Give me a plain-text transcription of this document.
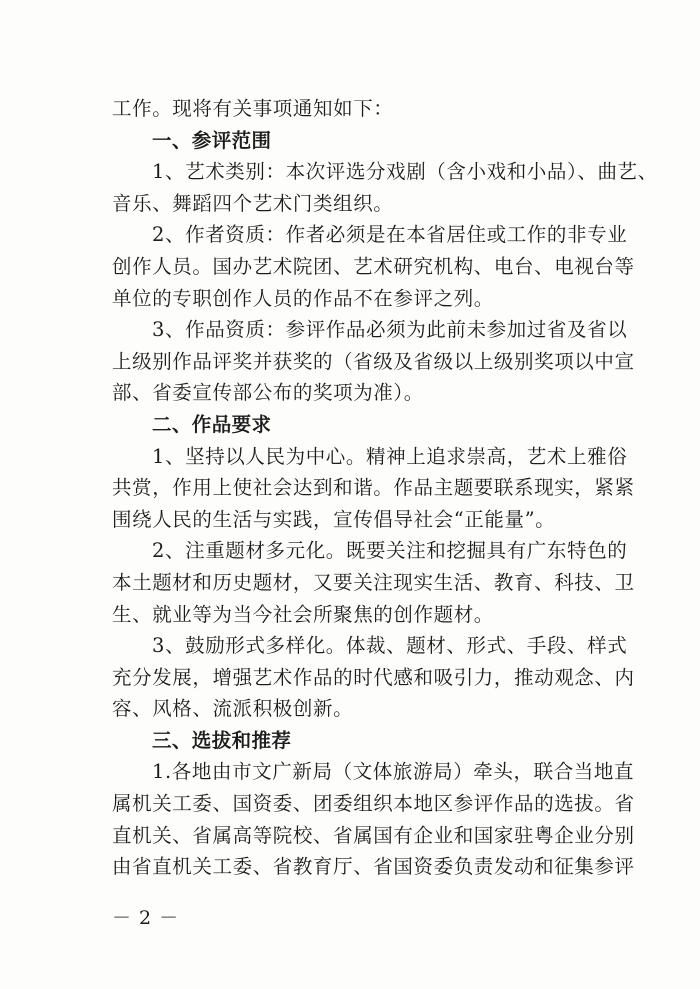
工作。现将有关事项通知如下：
一、参评范围
1、艺术类别：本次评选分戏剧（含小戏和小品）、曲艺、
音乐、舞蹈四个艺术门类组织。
2、作者资质：作者必须是在本省居住或工作的非专业
创作人员。国办艺术院团、艺术研究机构、电台、电视台等
单位的专职创作人员的作品不在参评之列。
3、作品资质：参评作品必须为此前未参加过省及省以
上级别作品评奖并获奖的（省级及省级以上级别奖项以中宣
部、省委宣传部公布的奖项为准）。
二、作品要求
1、坚持以人民为中心。精神上追求崇高，艺术上雅俗
共赏，作用上使社会达到和谐。作品主题要联系现实，紧紧
围绕人民的生活与实践，宣传倡导社会“正能量”。
2、注重题材多元化。既要关注和挖掘具有广东特色的
本土题材和历史题材，又要关注现实生活、教育、科技、卫
生、就业等为当今社会所聚焦的创作题材。
3、鼓励形式多样化。体裁、题材、形式、手段、样式
充分发展，增强艺术作品的时代感和吸引力，推动观念、内
容、风格、流派积极创新。
三、选拔和推荐
1.各地由市文广新局（文体旅游局）牵头，联合当地直
属机关工委、国资委、团委组织本地区参评作品的选拔。省
直机关、省属高等院校、省属国有企业和国家驻粤企业分别
由省直机关工委、省教育厅、省国资委负责发动和征集参评
－ 2 －
